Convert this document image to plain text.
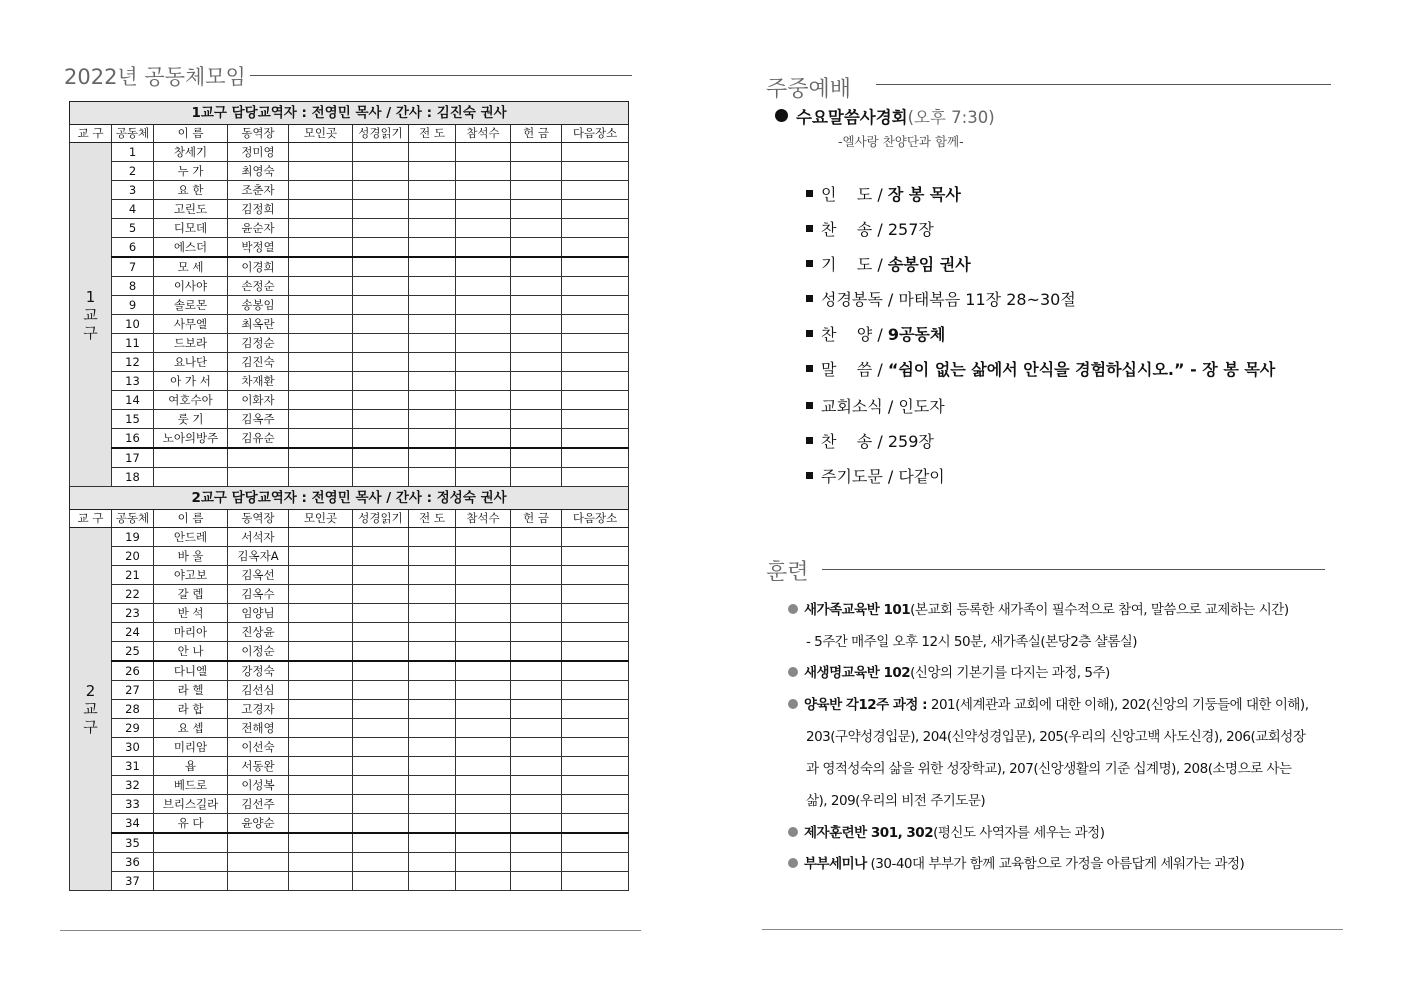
2022년 공동체모임
1교구 담당교역자 : 전영민 목사 / 간사 : 김진숙 권사									
교 구	공동체	이 름	동역장	모인곳	성경읽기	전 도	참석수	헌 금	다음장소

1
교
구	1	창세기	정미영						
	2	누 가	최영숙						
	3	요 한	조춘자						
	4	고린도	김정희						
	5	디모데	윤순자						
	6	에스더	박정열						
	7	모 세	이경희						
	8	이사야	손정순						
	9	솔로몬	송봉임						
	10	사무엘	최옥란						
	11	드보라	김정순						
	12	요나단	김진숙						
	13	아 가 서	차재환						
	14	여호수아	이화자						
	15	룻 기	김옥주						
	16	노아의방주	김유순						
	17								
	18								
2교구 담당교역자 : 전영민 목사 / 간사 : 정성숙 권사									
교 구	공동체	이 름	동역장	모인곳	성경읽기	전 도	참석수	헌 금	다음장소

2
교
구	19	안드레	서석자						
	20	바 울	김옥자A						
	21	야고보	김옥선						
	22	갈 렙	김옥수						
	23	반 석	임양님						
	24	마리아	진상윤						
	25	안 나	이정순						
	26	다니엘	강정숙						
	27	라 헬	김선심						
	28	라 합	고경자						
	29	요 셉	전해영						
	30	미리암	이선숙						
	31	욥	서동완						
	32	베드로	이성복						
	33	브리스길라	김선주						
	34	유 다	윤양순						
	35								
	36								
	37								
주중예배
수요말씀사경회(오후 7:30)
-엘사랑 찬양단과 함께-
인    도 / 장 봉 목사
찬    송 / 257장
기    도 / 송봉임 권사
성경봉독 / 마태복음 11장 28~30절
찬    양 / 9공동체
말    씀 / “쉼이 없는 삶에서 안식을 경험하십시오.” - 장 봉 목사
교회소식 / 인도자
찬    송 / 259장
주기도문 / 다같이
훈련
새가족교육반 101(본교회 등록한 새가족이 필수적으로 참여, 말씀으로 교제하는 시간)
- 5주간 매주일 오후 12시 50분, 새가족실(본당2층 샬롬실)
새생명교육반 102(신앙의 기본기를 다지는 과정, 5주)
양육반 각12주 과정 : 201(세계관과 교회에 대한 이해), 202(신앙의 기둥들에 대한 이해),
203(구약성경입문), 204(신약성경입문), 205(우리의 신앙고백 사도신경), 206(교회성장
과 영적성숙의 삶을 위한 성장학교), 207(신앙생활의 기준 십계명), 208(소명으로 사는
삶), 209(우리의 비전 주기도문)
제자훈련반 301, 302(평신도 사역자를 세우는 과정)
부부세미나 (30-40대 부부가 함께 교육함으로 가정을 아름답게 세워가는 과정)
